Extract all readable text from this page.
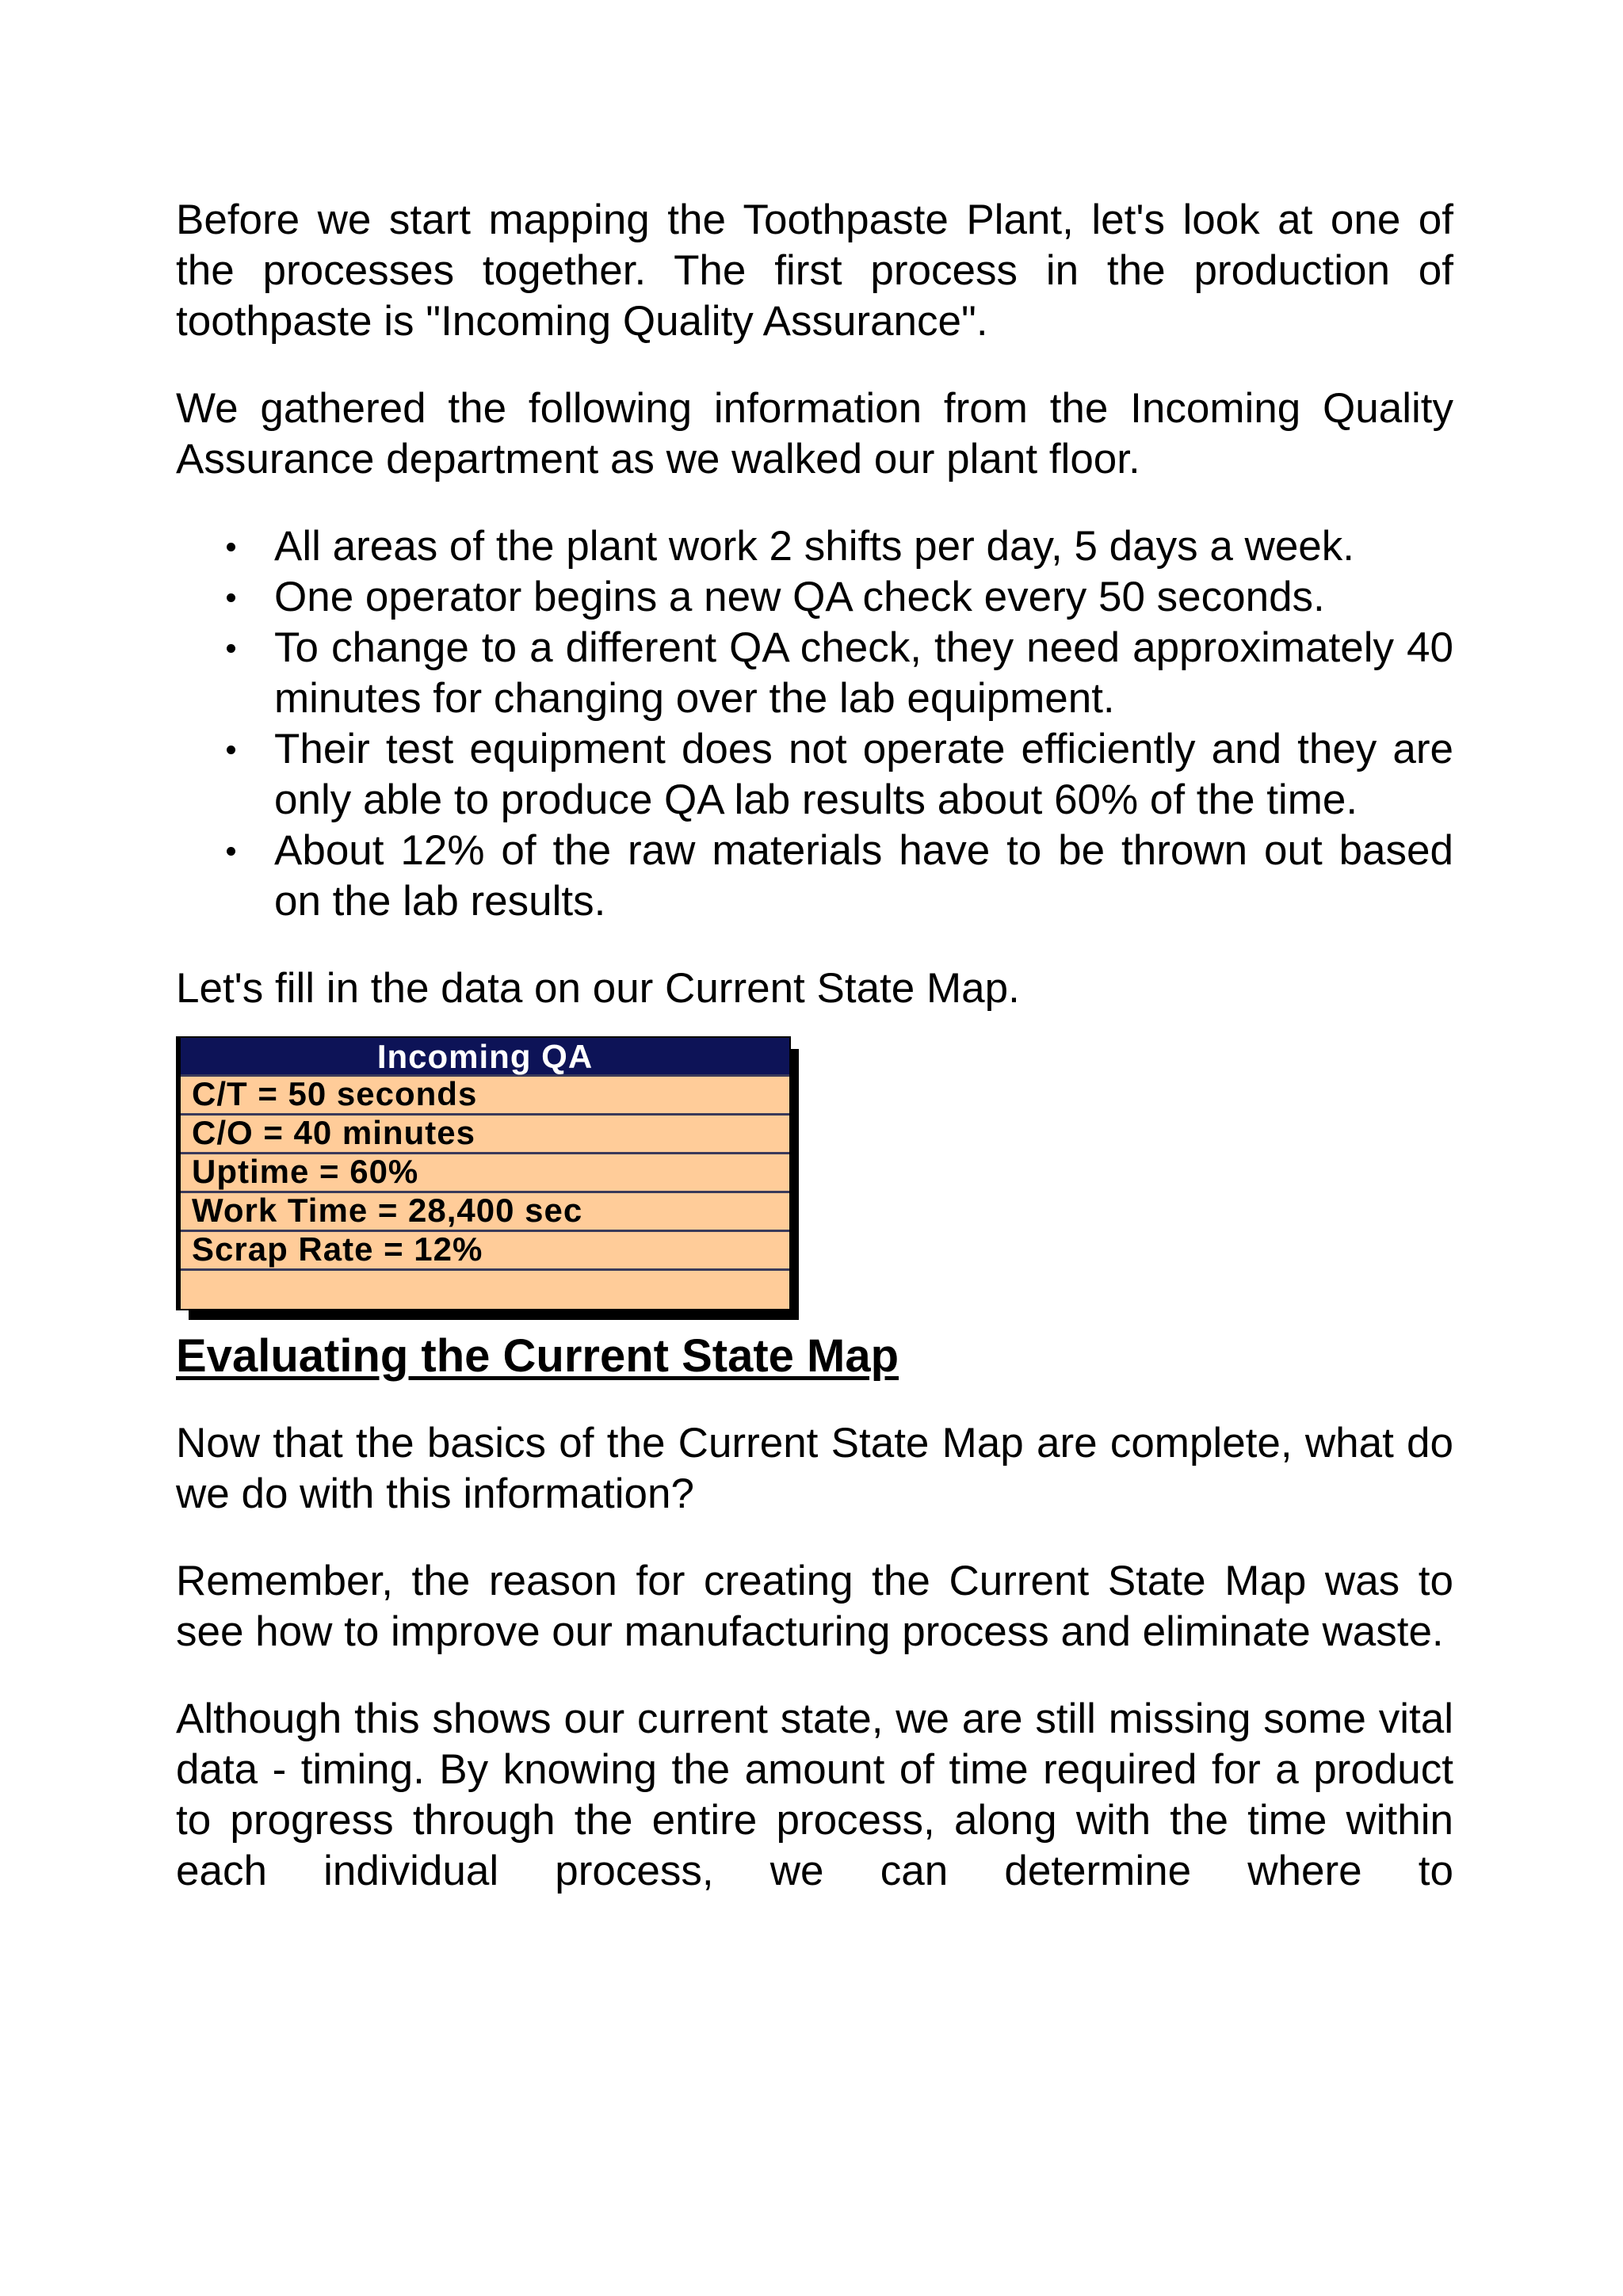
Before we start mapping the Toothpaste Plant, let's look at one of the processes together. The first process in the production of toothpaste is "Incoming Quality Assurance".

We gathered the following information from the Incoming Quality Assurance department as we walked our plant floor.

All areas of the plant work 2 shifts per day, 5 days a week.
One operator begins a new QA check every 50 seconds.
To change to a different QA check, they need approximately 40 minutes for changing over the lab equipment.
Their test equipment does not operate efficiently and they are only able to produce QA lab results about 60% of the time.
About 12% of the raw materials have to be thrown out based on the lab results.

Let's fill in the data on our Current State Map.

Incoming QA
C/T = 50 seconds
C/O = 40 minutes
Uptime = 60%
Work Time = 28,400 sec
Scrap Rate = 12%
Evaluating the Current State Map

Now that the basics of the Current State Map are complete, what do we do with this information?

Remember, the reason for creating the Current State Map was to see how to improve our manufacturing process and eliminate waste.

Although this shows our current state, we are still missing some vital data - timing. By knowing the amount of time required for a product to progress through the entire process, along with the time within each individual process, we can determine where to
